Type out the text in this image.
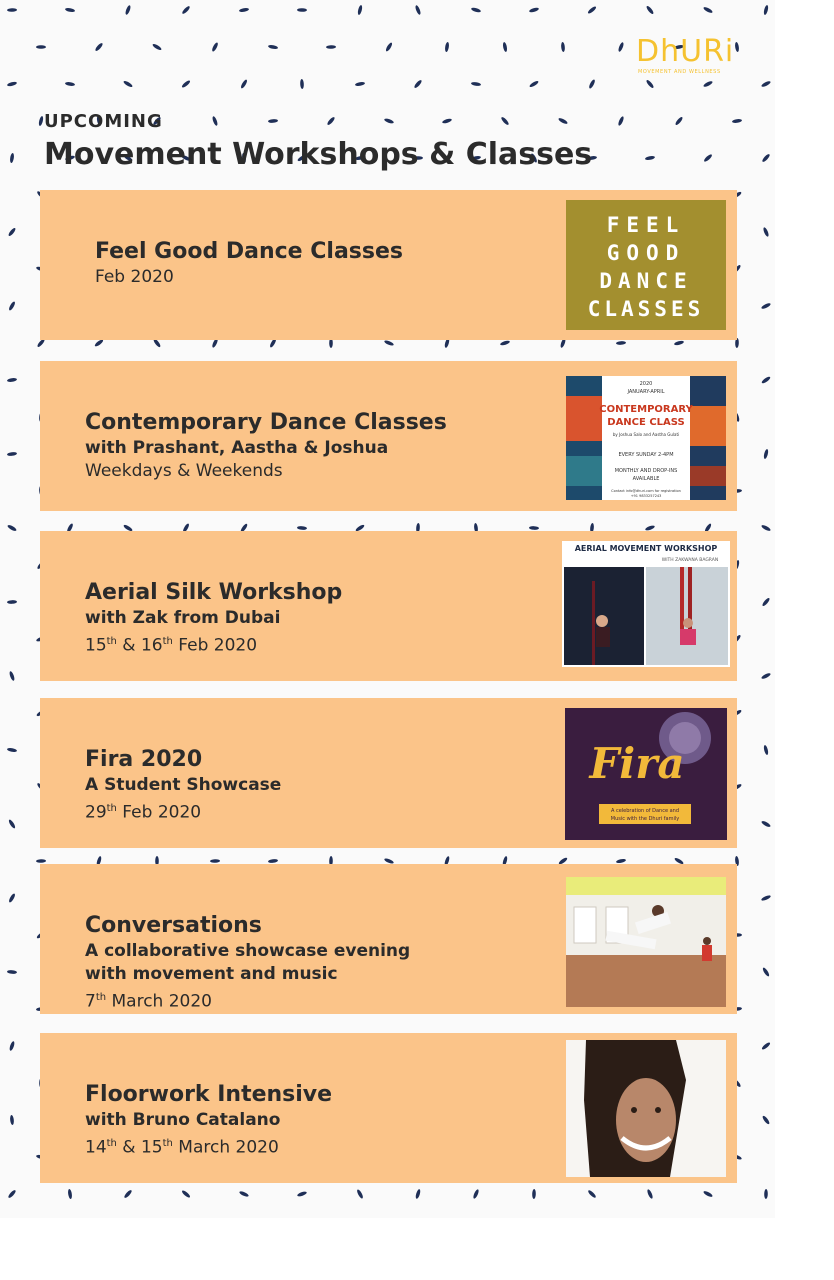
DhURi
MOVEMENT AND WELLNESS
UPCOMING
Movement Workshops & Classes
Feel Good Dance Classes
Feb 2020
FEEL
GOOD
DANCE
CLASSES
Contemporary Dance Classes
with Prashant, Aastha & Joshua
Weekdays & Weekends
2020
JANUARY-APRIL
CONTEMPORARY
DANCE CLASS
by Joshua Salo and Aastha Gulati
EVERY SUNDAY 2-4PM
MONTHLY AND DROP-INS
AVAILABLE
Contact info@dhuri.com for registration
+91 9833257243
Aerial Silk Workshop
with Zak from Dubai
15th & 16th Feb 2020
AERIAL MOVEMENT WORKSHOP
WITH ZAKWANA BAGRAN
Fira 2020
A Student Showcase
29th Feb 2020
Fira
A celebration of Dance and
Music with the Dhuri family
Conversations
A collaborative showcase evening
with movement and music
7th March 2020
Floorwork Intensive
with Bruno Catalano
14th & 15th March 2020
